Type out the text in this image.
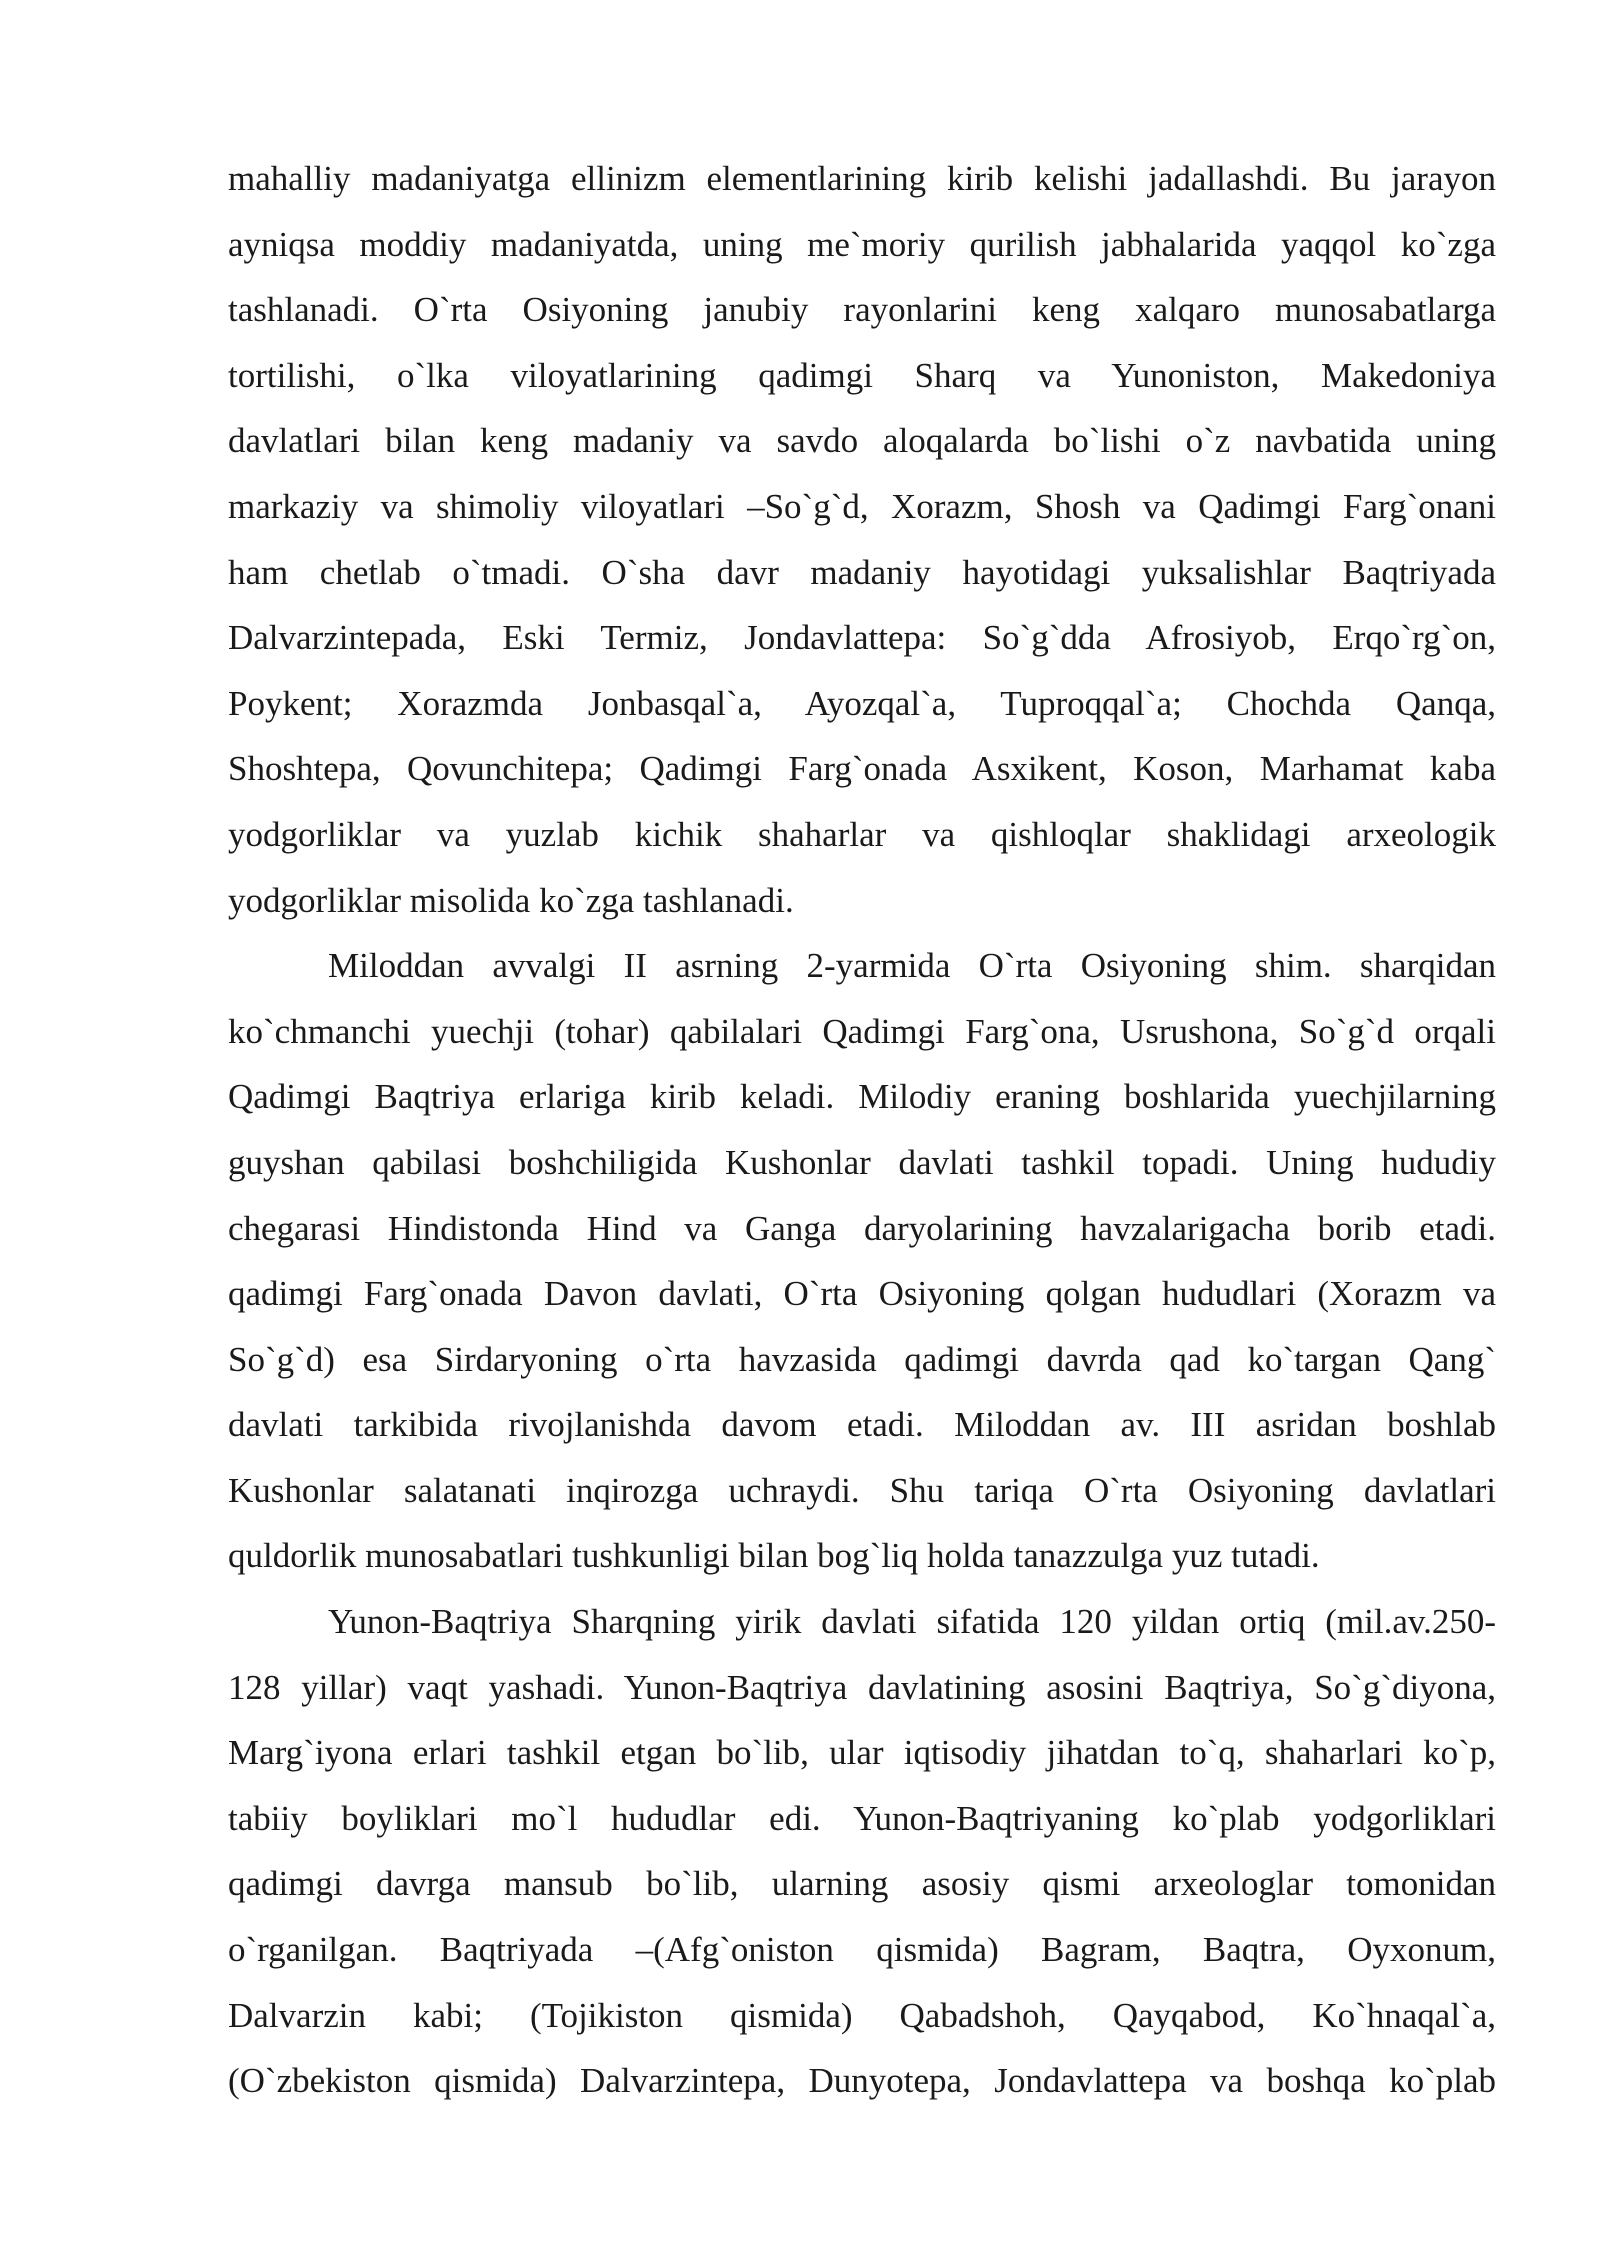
mahalliy madaniyatga ellinizm elementlarining kirib kelishi jadallashdi. Bu jarayon
ayniqsa moddiy madaniyatda, uning me`moriy qurilish jabhalarida yaqqol ko`zga
tashlanadi. O`rta Osiyoning janubiy rayonlarini keng xalqaro munosabatlarga
tortilishi, o`lka viloyatlarining qadimgi Sharq va Yunoniston, Makedoniya
davlatlari bilan keng madaniy va savdo aloqalarda bo`lishi o`z navbatida uning
markaziy va shimoliy viloyatlari –So`g`d, Xorazm, Shosh va Qadimgi Farg`onani
ham chetlab o`tmadi. O`sha davr madaniy hayotidagi yuksalishlar Baqtriyada
Dalvarzintepada, Eski Termiz, Jondavlattepa: So`g`dda Afrosiyob, Erqo`rg`on,
Poykent; Xorazmda Jonbasqal`a, Ayozqal`a, Tuproqqal`a; Chochda Qanqa,
Shoshtepa, Qovunchitepa; Qadimgi Farg`onada Asxikent, Koson, Marhamat kaba
yodgorliklar va yuzlab kichik shaharlar va qishloqlar shaklidagi arxeologik
yodgorliklar misolida ko`zga tashlanadi.
Miloddan avvalgi II asrning 2-yarmida O`rta Osiyoning shim. sharqidan
ko`chmanchi yuechji (tohar) qabilalari Qadimgi Farg`ona, Usrushona, So`g`d orqali
Qadimgi Baqtriya erlariga kirib keladi. Milodiy eraning boshlarida yuechjilarning
guyshan qabilasi boshchiligida Kushonlar davlati tashkil topadi. Uning hududiy
chegarasi Hindistonda Hind va Ganga daryolarining havzalarigacha borib etadi.
qadimgi Farg`onada Davon davlati, O`rta Osiyoning qolgan hududlari (Xorazm va
So`g`d) esa Sirdaryoning o`rta havzasida qadimgi davrda qad ko`targan Qang`
davlati tarkibida rivojlanishda davom etadi. Miloddan av. III asridan boshlab
Kushonlar salatanati inqirozga uchraydi. Shu tariqa O`rta Osiyoning davlatlari
quldorlik munosabatlari tushkunligi bilan bog`liq holda tanazzulga yuz tutadi.
Yunon-Baqtriya Sharqning yirik davlati sifatida 120 yildan ortiq (mil.av.250-
128 yillar) vaqt yashadi. Yunon-Baqtriya davlatining asosini Baqtriya, So`g`diyona,
Marg`iyona erlari tashkil etgan bo`lib, ular iqtisodiy jihatdan to`q, shaharlari ko`p,
tabiiy boyliklari mo`l hududlar edi. Yunon-Baqtriyaning ko`plab yodgorliklari
qadimgi davrga mansub bo`lib, ularning asosiy qismi arxeologlar tomonidan
o`rganilgan. Baqtriyada –(Afg`oniston qismida) Bagram, Baqtra, Oyxonum,
Dalvarzin kabi; (Tojikiston qismida) Qabadshoh, Qayqabod, Ko`hnaqal`a,
(O`zbekiston qismida) Dalvarzintepa, Dunyotepa, Jondavlattepa va boshqa ko`plab
